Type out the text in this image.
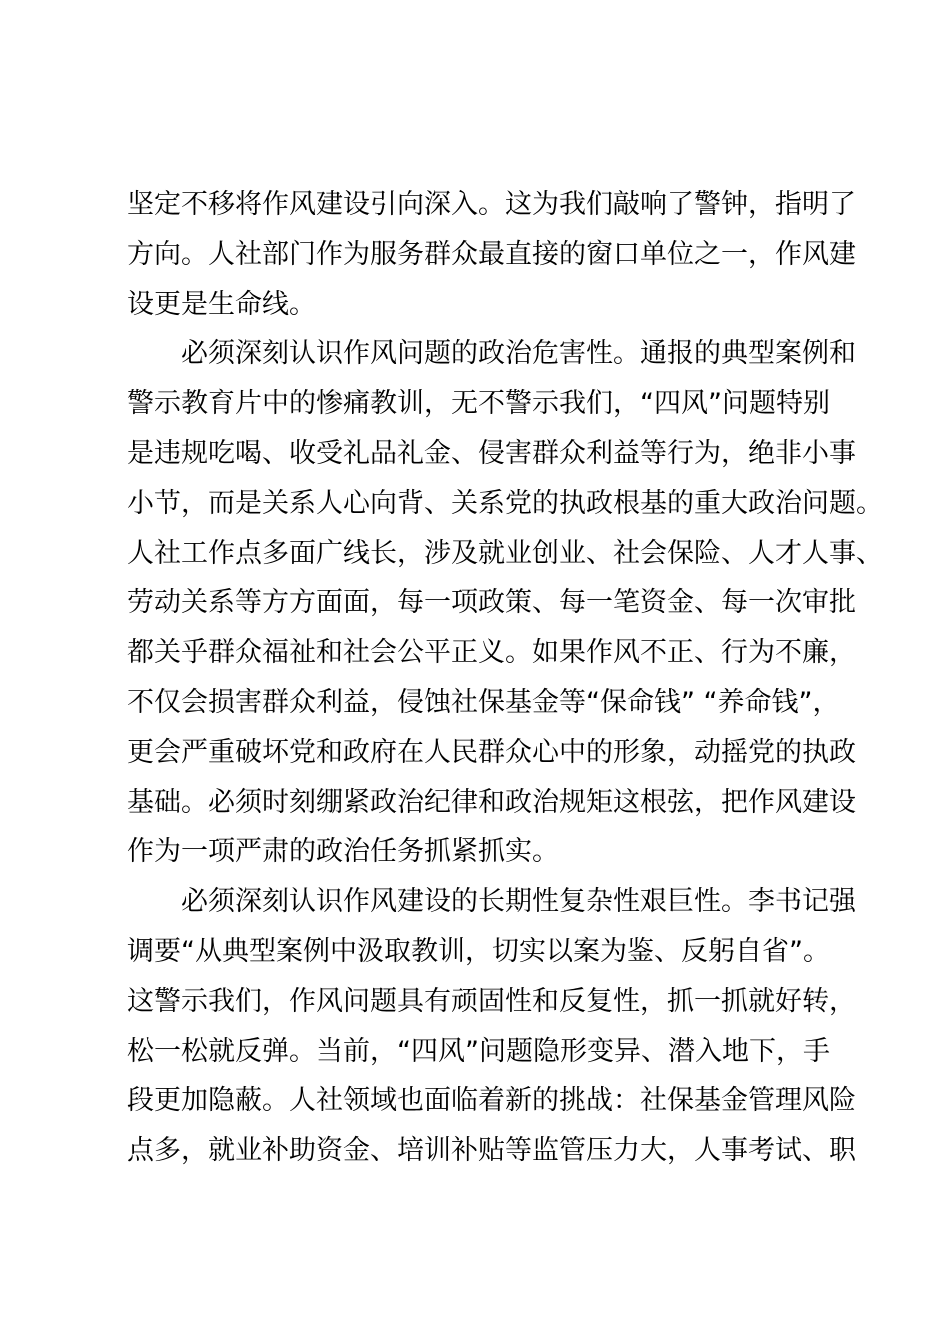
坚定不移将作风建设引向深入。这为我们敲响了警钟，指明了
方向。人社部门作为服务群众最直接的窗口单位之一，作风建
设更是生命线。
必须深刻认识作风问题的政治危害性。通报的典型案例和
警示教育片中的惨痛教训，无不警示我们，“四风”问题特别
是违规吃喝、收受礼品礼金、侵害群众利益等行为，绝非小事
小节，而是关系人心向背、关系党的执政根基的重大政治问题。
人社工作点多面广线长，涉及就业创业、社会保险、人才人事、
劳动关系等方方面面，每一项政策、每一笔资金、每一次审批
都关乎群众福祉和社会公平正义。如果作风不正、行为不廉，
不仅会损害群众利益，侵蚀社保基金等“保命钱” “养命钱”，
更会严重破坏党和政府在人民群众心中的形象，动摇党的执政
基础。必须时刻绷紧政治纪律和政治规矩这根弦，把作风建设
作为一项严肃的政治任务抓紧抓实。
必须深刻认识作风建设的长期性复杂性艰巨性。李书记强
调要“从典型案例中汲取教训，切实以案为鉴、反躬自省”。
这警示我们，作风问题具有顽固性和反复性，抓一抓就好转，
松一松就反弹。当前，“四风”问题隐形变异、潜入地下，手
段更加隐蔽。人社领域也面临着新的挑战：社保基金管理风险
点多，就业补助资金、培训补贴等监管压力大，人事考试、职
